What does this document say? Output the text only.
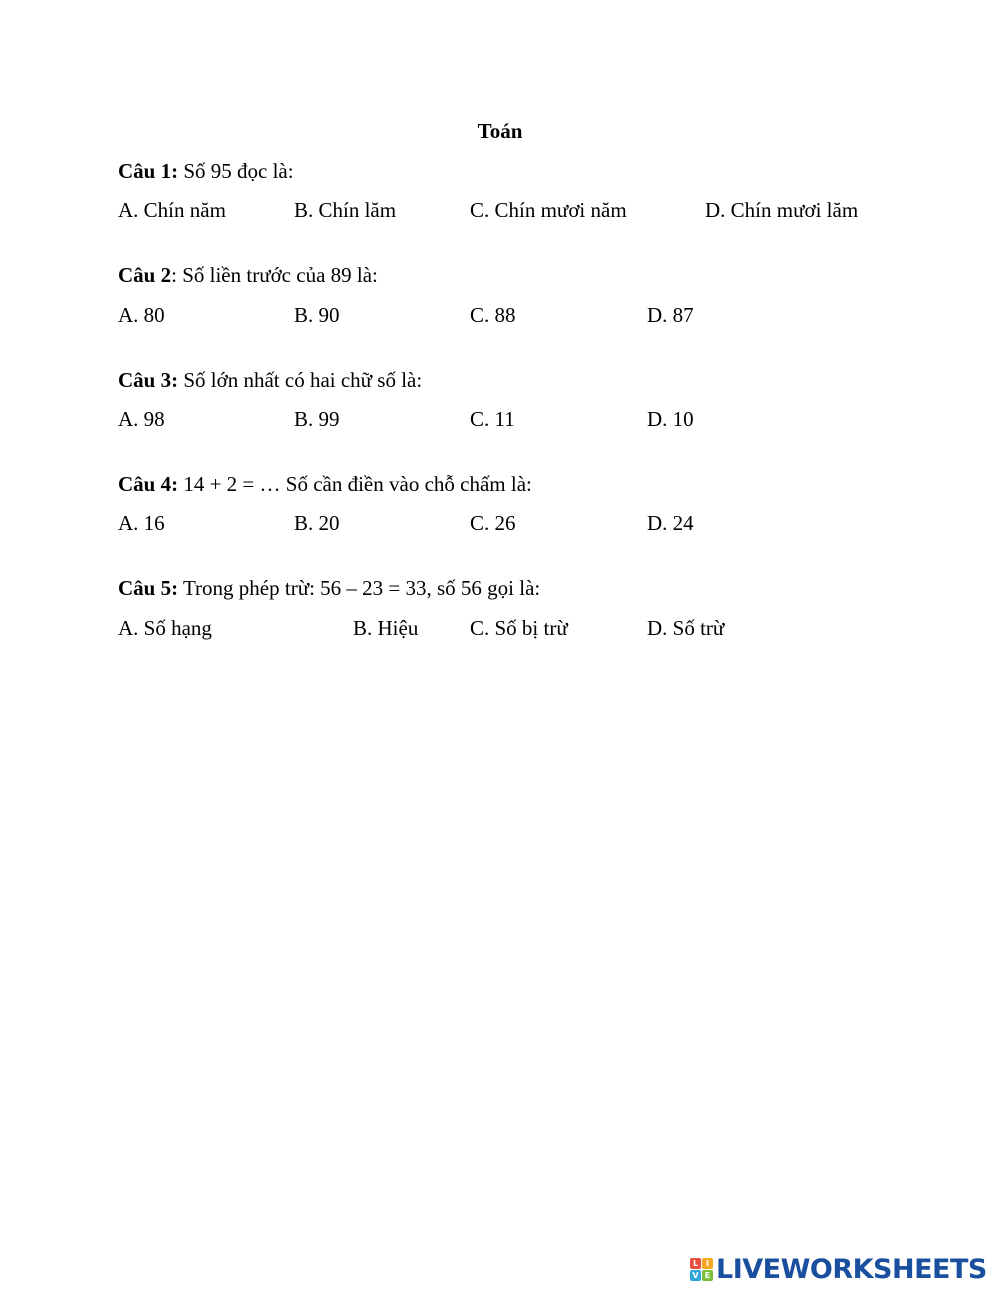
Toán
Câu 1: Số 95 đọc là:
A. Chín năm	B. Chín lăm	C. Chín mươi năm	D. Chín mươi lăm
Câu 2: Số liền trước của 89 là:
A. 80	B. 90	C. 88	D. 87
Câu 3: Số lớn nhất có hai chữ số là:
A. 98	B. 99	C. 11	D. 10
Câu 4: 14 + 2 = … Số cần điền vào chỗ chấm là:
A. 16	B. 20	C. 26	D. 24
Câu 5: Trong phép trừ: 56 – 23 = 33, số 56 gọi là:
A. Số hạng	B. Hiệu C. Số bị trừ	D. Số trừ
L I
V E LIVEWORKSHEETS
